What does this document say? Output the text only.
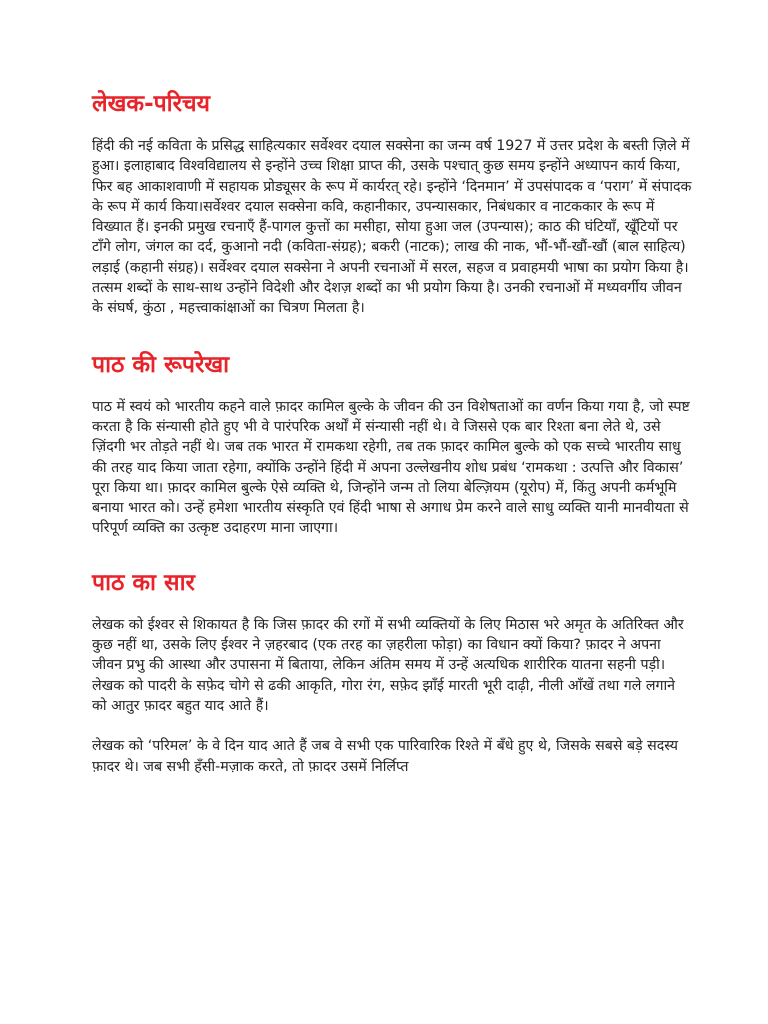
लेखक-परिचय

हिंदी की नई कविता के प्रसिद्ध साहित्यकार सर्वेश्वर दयाल सक्सेना का जन्म वर्ष 1927 में उत्तर प्रदेश के बस्ती ज़िले में हुआ। इलाहाबाद विश्वविद्यालय से इन्होंने उच्च शिक्षा प्राप्त की, उसके पश्चात् कुछ समय इन्होंने अध्यापन कार्य किया, फिर बह आकाशवाणी में सहायक प्रोड्यूसर के रूप में कार्यरत् रहे। इन्होंने ‘दिनमान’ में उपसंपादक व ‘पराग’ में संपादक के रूप में कार्य किया।सर्वेश्वर दयाल सक्सेना कवि, कहानीकार, उपन्यासकार, निबंधकार व नाटककार के रूप में विख्यात हैं। इनकी प्रमुख रचनाएँ हैं-पागल कुत्तों का मसीहा, सोया हुआ जल (उपन्यास); काठ की घंटियाँ, खूँटियों पर टाँगे लोग, जंगल का दर्द, कुआनो नदी (कविता-संग्रह); बकरी (नाटक); लाख की नाक, भौं-भौं-खौं-खौं (बाल साहित्य) लड़ाई (कहानी संग्रह)। सर्वेश्वर दयाल सक्सेना ने अपनी रचनाओं में सरल, सहज व प्रवाहमयी भाषा का प्रयोग किया है। तत्सम शब्दों के साथ-साथ उन्होंने विदेशी और देशज़ शब्दों का भी प्रयोग किया है। उनकी रचनाओं में मध्यवर्गीय जीवन के संघर्ष, कुंठा , महत्त्वाकांक्षाओं का चित्रण मिलता है।

पाठ की रूपरेखा

पाठ में स्वयं को भारतीय कहने वाले फ़ादर कामिल बुल्के के जीवन की उन विशेषताओं का वर्णन किया गया है, जो स्पष्ट करता है कि संन्यासी होते हुए भी वे पारंपरिक अर्थों में संन्यासी नहीं थे। वे जिससे एक बार रिश्ता बना लेते थे, उसे ज़िंदगी भर तोड़ते नहीं थे। जब तक भारत में रामकथा रहेगी, तब तक फ़ादर कामिल बुल्के को एक सच्चे भारतीय साधु की तरह याद किया जाता रहेगा, क्योंकि उन्होंने हिंदी में अपना उल्लेखनीय शोध प्रबंध ‘रामकथा : उत्पत्ति और विकास’ पूरा किया था। फ़ादर कामिल बुल्के ऐसे व्यक्ति थे, जिन्होंने जन्म तो लिया बेल्ज़ियम (यूरोप) में, किंतु अपनी कर्मभूमि बनाया भारत को। उन्हें हमेशा भारतीय संस्कृति एवं हिंदी भाषा से अगाध प्रेम करने वाले साधु व्यक्ति यानी मानवीयता से परिपूर्ण व्यक्ति का उत्कृष्ट उदाहरण माना जाएगा।

पाठ का सार

लेखक को ईश्वर से शिकायत है कि जिस फ़ादर की रगों में सभी व्यक्तियों के लिए मिठास भरे अमृत के अतिरिक्त और कुछ नहीं था, उसके लिए ईश्वर ने ज़हरबाद (एक तरह का ज़हरीला फोड़ा) का विधान क्यों किया? फ़ादर ने अपना जीवन प्रभु की आस्था और उपासना में बिताया, लेकिन अंतिम समय में उन्हें अत्यधिक शारीरिक यातना सहनी पड़ी। लेखक को पादरी के सफ़ेद चोगे से ढकी आकृति, गोरा रंग, सफ़ेद झाँई मारती भूरी दाढ़ी, नीली आँखें तथा गले लगाने को आतुर फ़ादर बहुत याद आते हैं।

लेखक को ‘परिमल’ के वे दिन याद आते हैं जब वे सभी एक पारिवारिक रिश्ते में बँधे हुए थे, जिसके सबसे बड़े सदस्य फ़ादर थे। जब सभी हँसी-मज़ाक करते, तो फ़ादर उसमें निर्लिप्त
